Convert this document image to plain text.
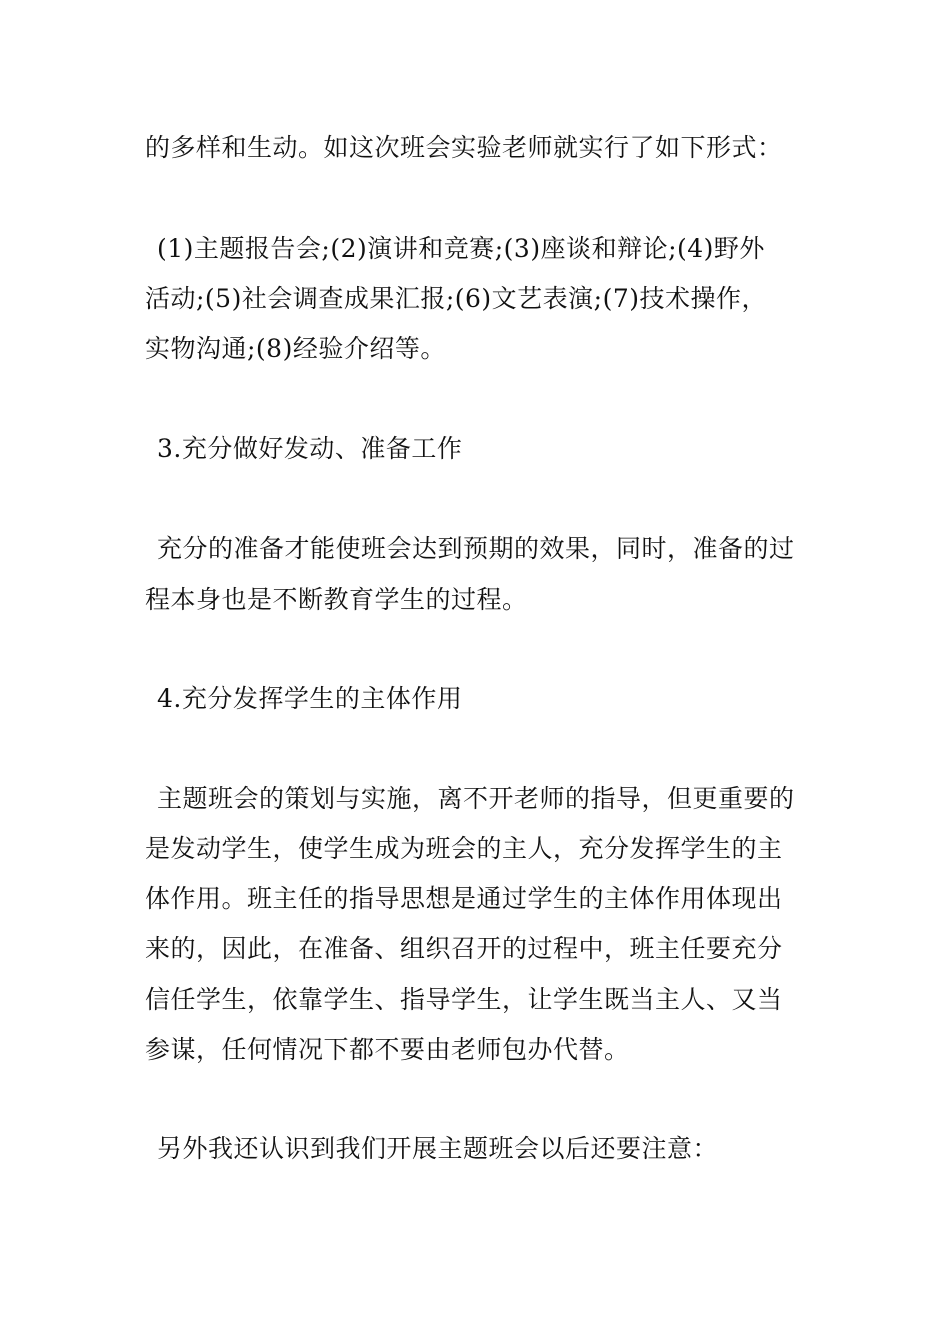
的多样和生动。如这次班会实验老师就实行了如下形式：
(1)主题报告会;(2)演讲和竞赛;(3)座谈和辩论;(4)野外
活动;(5)社会调查成果汇报;(6)文艺表演;(7)技术操作，
实物沟通;(8)经验介绍等。
3.充分做好发动、准备工作
充分的准备才能使班会达到预期的效果，同时，准备的过
程本身也是不断教育学生的过程。
4.充分发挥学生的主体作用
主题班会的策划与实施，离不开老师的指导，但更重要的
是发动学生，使学生成为班会的主人，充分发挥学生的主
体作用。班主任的指导思想是通过学生的主体作用体现出
来的，因此，在准备、组织召开的过程中，班主任要充分
信任学生，依靠学生、指导学生，让学生既当主人、又当
参谋，任何情况下都不要由老师包办代替。
另外我还认识到我们开展主题班会以后还要注意：
